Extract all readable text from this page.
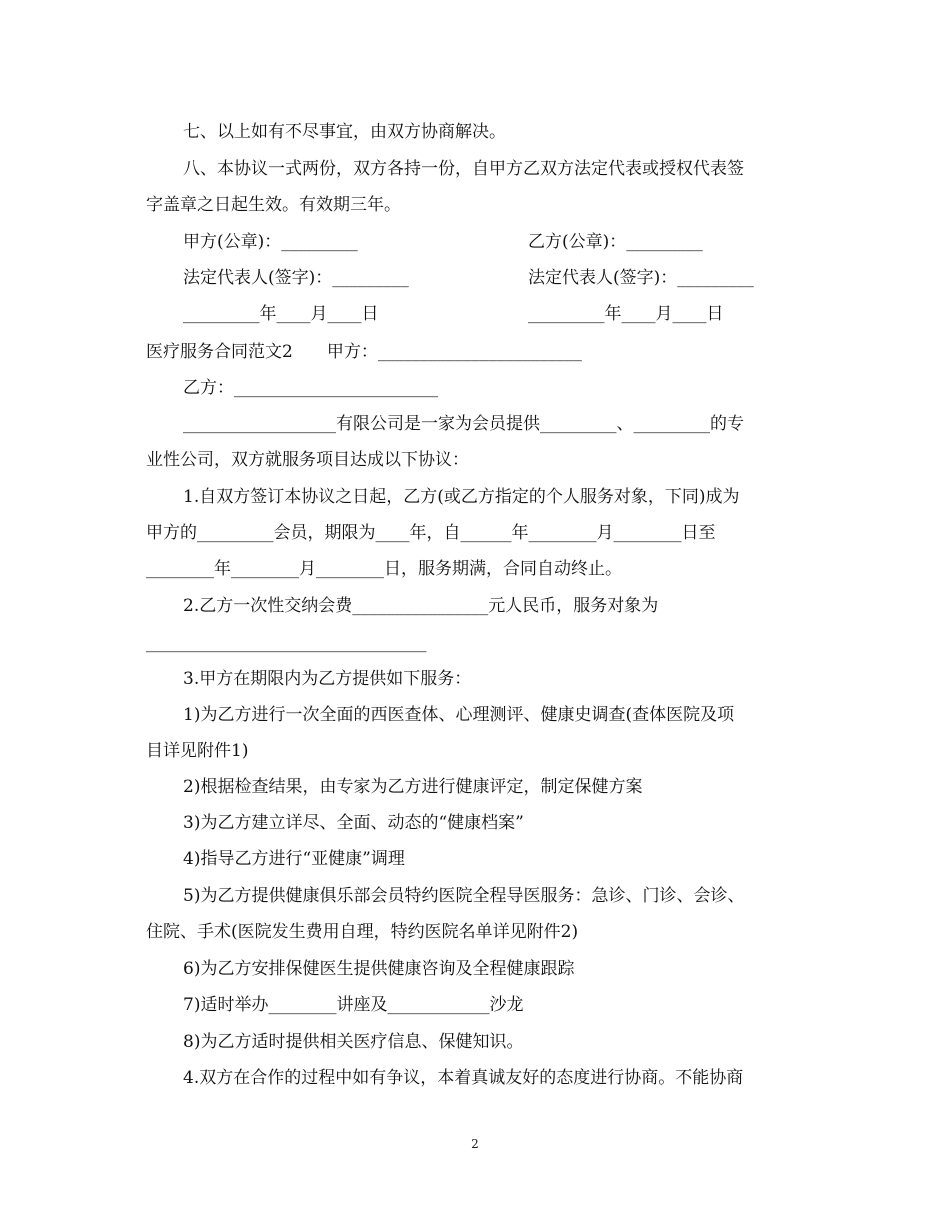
七、以上如有不尽事宜，由双方协商解决。
八、本协议一式两份，双方各持一份，自甲方乙双方法定代表或授权代表签
字盖章之日起生效。有效期三年。
甲方(公章)：_________	乙方(公章)：_________
法定代表人(签字)：_________	法定代表人(签字)：_________
_________年____月____日	_________年____月____日
医疗服务合同范文2　　甲方：________________________
乙方：________________________
__________________有限公司是一家为会员提供_________、_________的专
业性公司，双方就服务项目达成以下协议：
1.自双方签订本协议之日起，乙方(或乙方指定的个人服务对象，下同)成为
甲方的_________会员，期限为____年，自______年________月________日至
________年________月________日，服务期满，合同自动终止。
2.乙方一次性交纳会费________________元人民币，服务对象为
_________________________________
3.甲方在期限内为乙方提供如下服务：
1)为乙方进行一次全面的西医查体、心理测评、健康史调查(查体医院及项
目详见附件1)
2)根据检查结果，由专家为乙方进行健康评定，制定保健方案
3)为乙方建立详尽、全面、动态的“健康档案”
4)指导乙方进行“亚健康”调理
5)为乙方提供健康俱乐部会员特约医院全程导医服务：急诊、门诊、会诊、
住院、手术(医院发生费用自理，特约医院名单详见附件2)
6)为乙方安排保健医生提供健康咨询及全程健康跟踪
7)适时举办________讲座及____________沙龙
8)为乙方适时提供相关医疗信息、保健知识。
4.双方在合作的过程中如有争议，本着真诚友好的态度进行协商。不能协商
2
